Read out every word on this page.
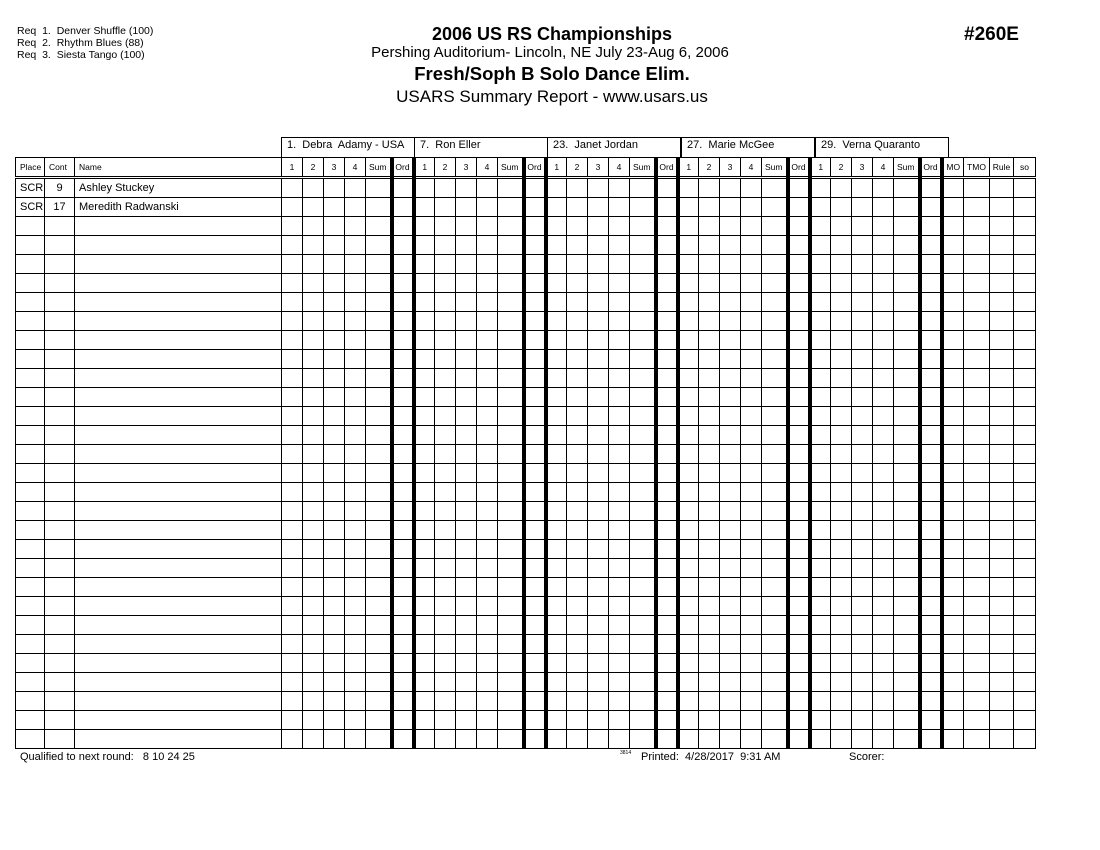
Req  1.  Denver Shuffle (100)
Req  2.  Rhythm Blues (88)
Req  3.  Siesta Tango (100)
2006 US RS Championships
Pershing Auditorium- Lincoln, NE July 23-Aug 6, 2006
Fresh/Soph B Solo Dance Elim.
USARS Summary Report - www.usars.us
#260E
1.  Debra  Adamy - USA	7.  Ron Eller	23.  Janet Jordan	27.  Marie McGee	29.  Verna Quaranto
Place	Cont	Name	1	2	3	4	Sum	Ord	1	2	3	4	Sum	Ord	1	2	3	4	Sum	Ord	1	2	3	4	Sum	Ord	1	2	3	4	Sum	Ord	MO	TMO	Rule	so
SCR	9	Ashley Stuckey																																		
SCR	17	Meredith Radwanski																																		

Qualified to next round: 8 10 24 25	3814 Printed: 4/28/2017  9:31 AM	Scorer:
